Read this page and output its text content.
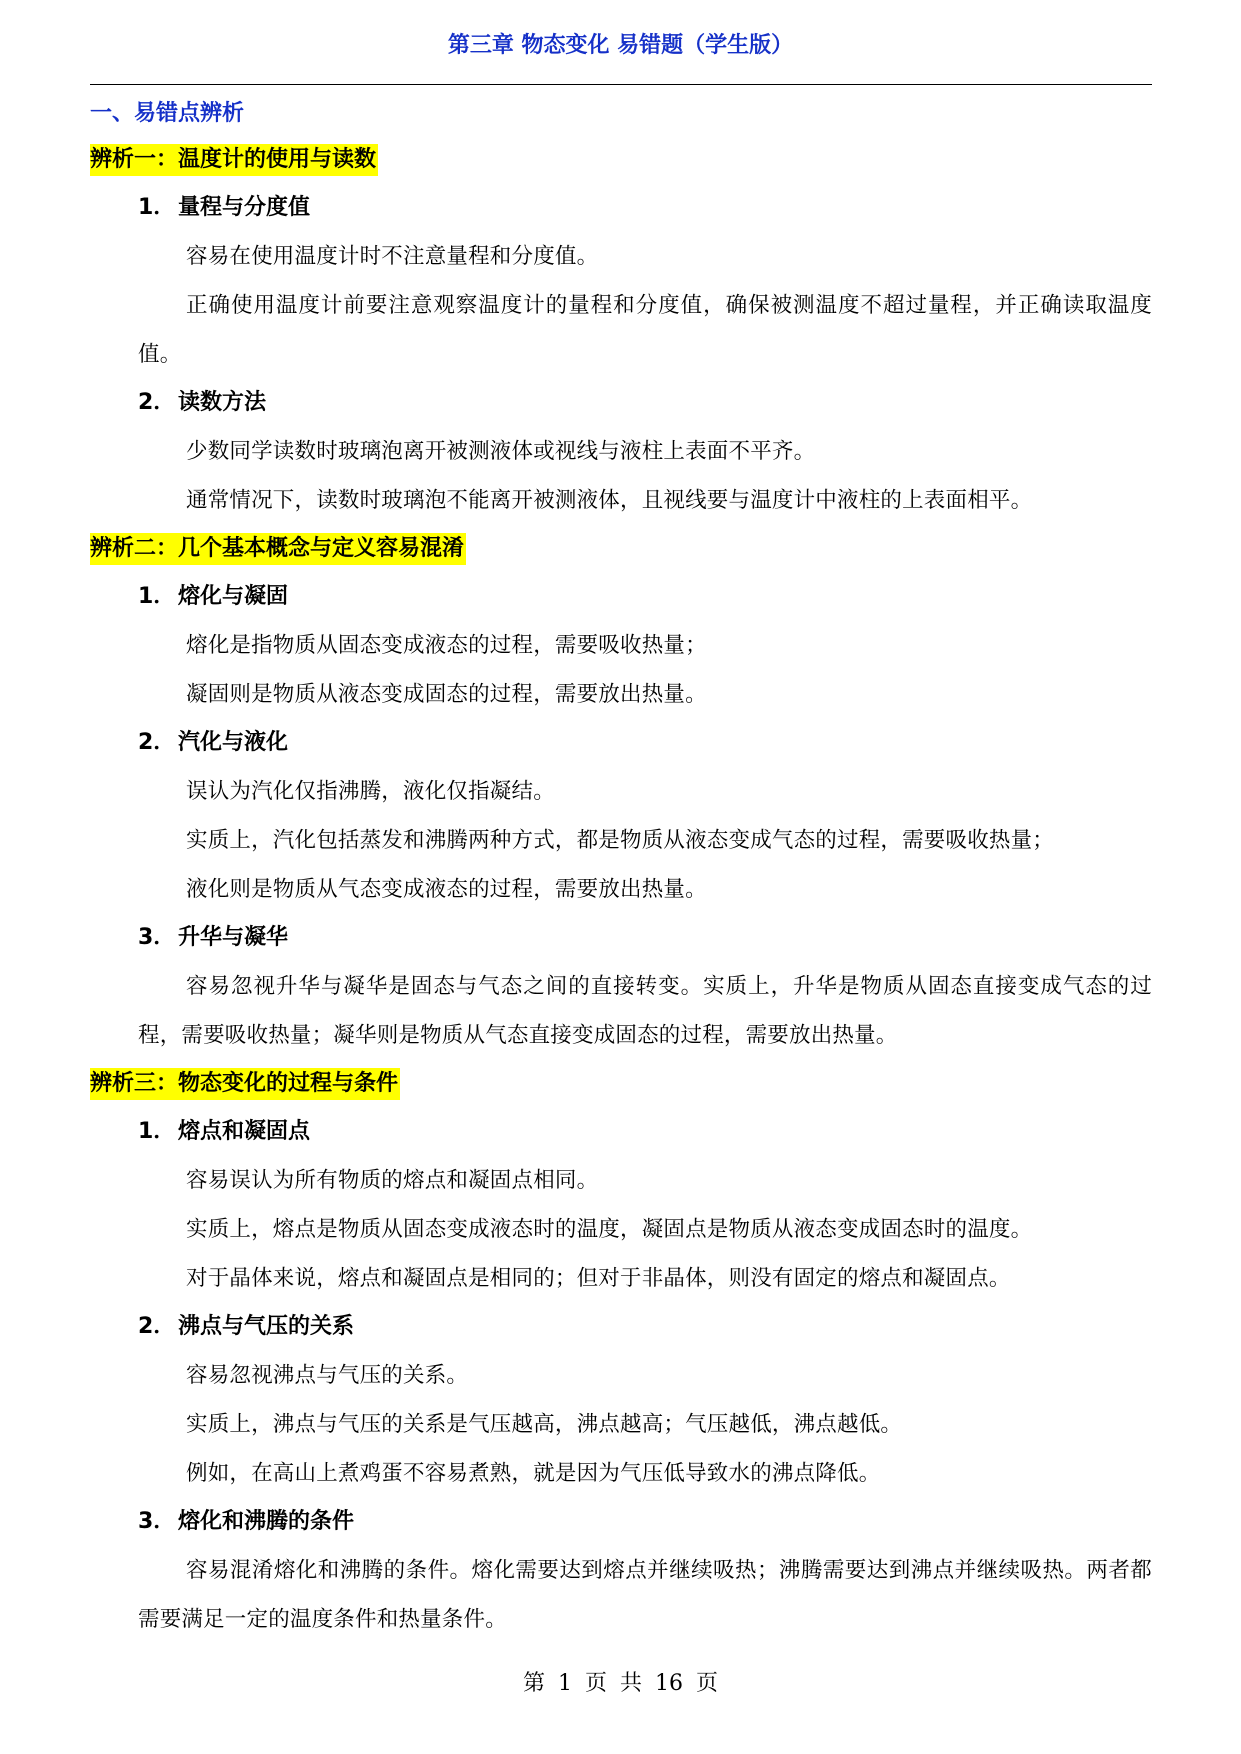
第三章 物态变化 易错题（学生版）
一、易错点辨析
辨析一：温度计的使用与读数
1． 量程与分度值
容易在使用温度计时不注意量程和分度值。
正确使用温度计前要注意观察温度计的量程和分度值，确保被测温度不超过量程，并正确读取温度值。
2． 读数方法
少数同学读数时玻璃泡离开被测液体或视线与液柱上表面不平齐。
通常情况下，读数时玻璃泡不能离开被测液体，且视线要与温度计中液柱的上表面相平。
辨析二：几个基本概念与定义容易混淆
1． 熔化与凝固
熔化是指物质从固态变成液态的过程，需要吸收热量；
凝固则是物质从液态变成固态的过程，需要放出热量。
2． 汽化与液化
误认为汽化仅指沸腾，液化仅指凝结。
实质上，汽化包括蒸发和沸腾两种方式，都是物质从液态变成气态的过程，需要吸收热量；
液化则是物质从气态变成液态的过程，需要放出热量。
3． 升华与凝华
容易忽视升华与凝华是固态与气态之间的直接转变。实质上，升华是物质从固态直接变成气态的过程，需要吸收热量；凝华则是物质从气态直接变成固态的过程，需要放出热量。
辨析三：物态变化的过程与条件
1． 熔点和凝固点
容易误认为所有物质的熔点和凝固点相同。
实质上，熔点是物质从固态变成液态时的温度，凝固点是物质从液态变成固态时的温度。
对于晶体来说，熔点和凝固点是相同的；但对于非晶体，则没有固定的熔点和凝固点。
2． 沸点与气压的关系
容易忽视沸点与气压的关系。
实质上，沸点与气压的关系是气压越高，沸点越高；气压越低，沸点越低。
例如，在高山上煮鸡蛋不容易煮熟，就是因为气压低导致水的沸点降低。
3． 熔化和沸腾的条件
容易混淆熔化和沸腾的条件。熔化需要达到熔点并继续吸热；沸腾需要达到沸点并继续吸热。两者都需要满足一定的温度条件和热量条件。
第 1 页 共 16 页
